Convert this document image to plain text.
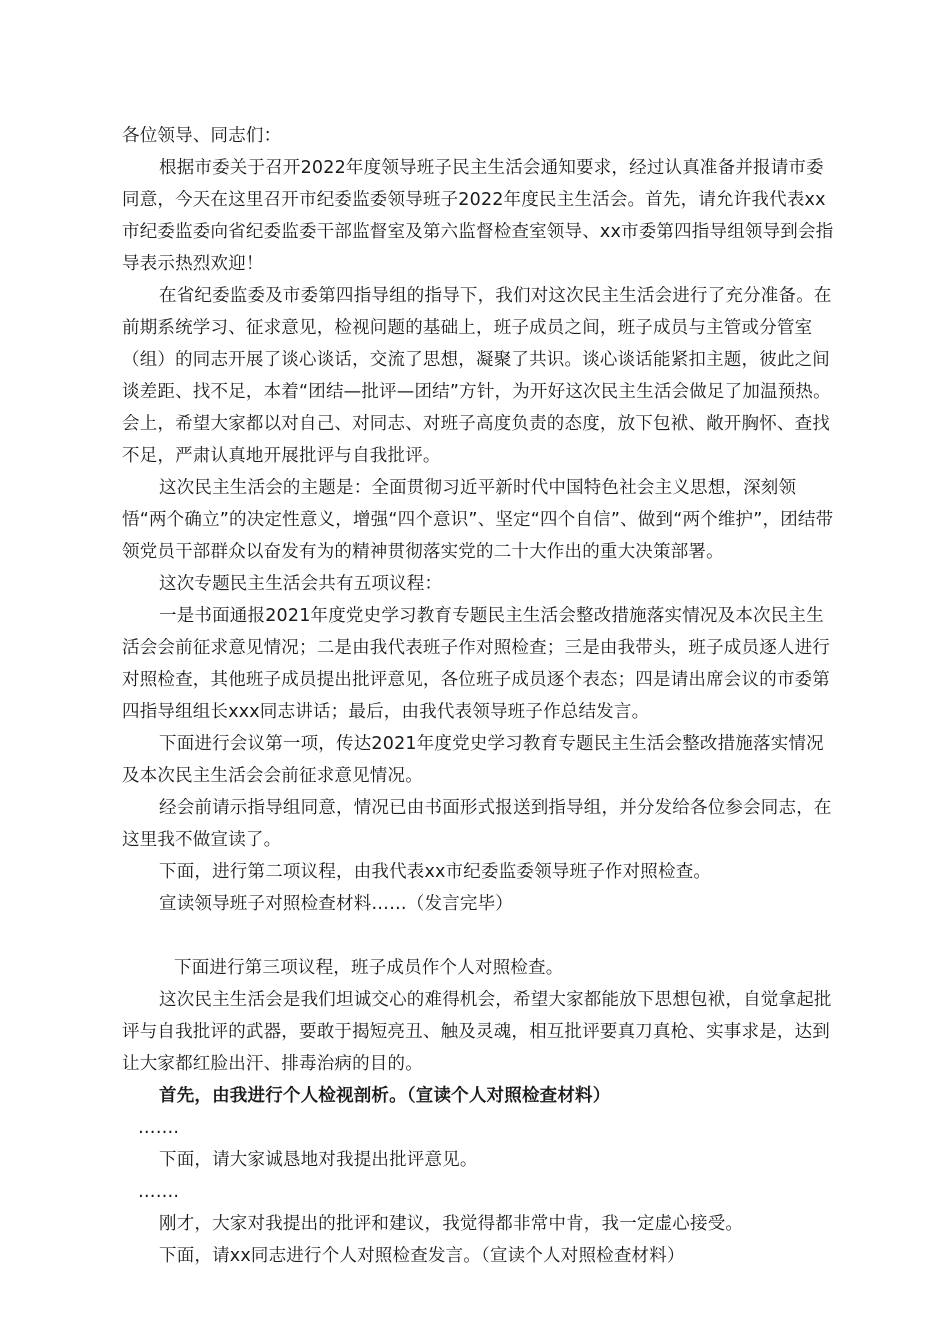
各位领导、同志们：

根据市委关于召开2022年度领导班子民主生活会通知要求，经过认真准备并报请市委同意，今天在这里召开市纪委监委领导班子2022年度民主生活会。首先，请允许我代表xx市纪委监委向省纪委监委干部监督室及第六监督检查室领导、xx市委第四指导组领导到会指导表示热烈欢迎！

在省纪委监委及市委第四指导组的指导下，我们对这次民主生活会进行了充分准备。在前期系统学习、征求意见，检视问题的基础上，班子成员之间，班子成员与主管或分管室（组）的同志开展了谈心谈话，交流了思想，凝聚了共识。谈心谈话能紧扣主题，彼此之间谈差距、找不足，本着“团结—批评—团结”方针，为开好这次民主生活会做足了加温预热。会上，希望大家都以对自己、对同志、对班子高度负责的态度，放下包袱、敞开胸怀、查找不足，严肃认真地开展批评与自我批评。

这次民主生活会的主题是：全面贯彻习近平新时代中国特色社会主义思想，深刻领悟“两个确立”的决定性意义，增强“四个意识”、坚定“四个自信”、做到“两个维护”，团结带领党员干部群众以奋发有为的精神贯彻落实党的二十大作出的重大决策部署。

这次专题民主生活会共有五项议程：

一是书面通报2021年度党史学习教育专题民主生活会整改措施落实情况及本次民主生活会会前征求意见情况；二是由我代表班子作对照检查；三是由我带头，班子成员逐人进行对照检查，其他班子成员提出批评意见，各位班子成员逐个表态；四是请出席会议的市委第四指导组组长xxx同志讲话；最后，由我代表领导班子作总结发言。

下面进行会议第一项，传达2021年度党史学习教育专题民主生活会整改措施落实情况及本次民主生活会会前征求意见情况。

经会前请示指导组同意，情况已由书面形式报送到指导组，并分发给各位参会同志，在这里我不做宣读了。

下面，进行第二项议程，由我代表xx市纪委监委领导班子作对照检查。

宣读领导班子对照检查材料……（发言完毕）

下面进行第三项议程，班子成员作个人对照检查。

这次民主生活会是我们坦诚交心的难得机会，希望大家都能放下思想包袱，自觉拿起批评与自我批评的武器，要敢于揭短亮丑、触及灵魂，相互批评要真刀真枪、实事求是，达到让大家都红脸出汗、排毒治病的目的。

首先，由我进行个人检视剖析。（宣读个人对照检查材料）

…….

下面，请大家诚恳地对我提出批评意见。

…….

刚才，大家对我提出的批评和建议，我觉得都非常中肯，我一定虚心接受。

下面，请xx同志进行个人对照检查发言。（宣读个人对照检查材料）
